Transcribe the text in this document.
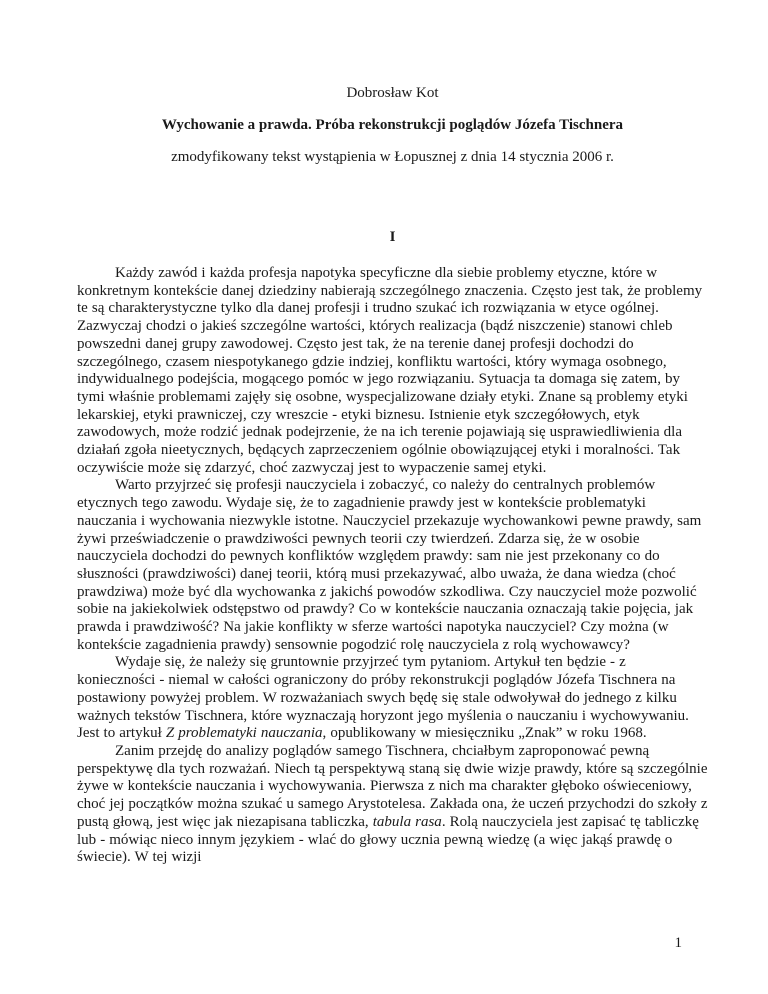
Dobrosław Kot
Wychowanie a prawda. Próba rekonstrukcji poglądów Józefa Tischnera
zmodyfikowany tekst wystąpienia w Łopusznej z dnia 14 stycznia 2006 r.
I

Każdy zawód i każda profesja napotyka specyficzne dla siebie problemy etyczne, które w konkretnym kontekście danej dziedziny nabierają szczególnego znaczenia. Często jest tak, że problemy te są charakterystyczne tylko dla danej profesji i trudno szukać ich rozwiązania w etyce ogólnej. Zazwyczaj chodzi o jakieś szczególne wartości, których realizacja (bądź niszczenie) stanowi chleb powszedni danej grupy zawodowej. Często jest tak, że na terenie danej profesji dochodzi do szczególnego, czasem niespotykanego gdzie indziej, konfliktu wartości, który wymaga osobnego, indywidualnego podejścia, mogącego pomóc w jego rozwiązaniu. Sytuacja ta domaga się zatem, by tymi właśnie problemami zajęły się osobne, wyspecjalizowane działy etyki. Znane są problemy etyki lekarskiej, etyki prawniczej, czy wreszcie - etyki biznesu. Istnienie etyk szczegółowych, etyk zawodowych, może rodzić jednak podejrzenie, że na ich terenie pojawiają się usprawiedliwienia dla działań zgoła nieetycznych, będących zaprzeczeniem ogólnie obowiązującej etyki i moralności. Tak oczywiście może się zdarzyć, choć zazwyczaj jest to wypaczenie samej etyki.

Warto przyjrzeć się profesji nauczyciela i zobaczyć, co należy do centralnych problemów etycznych tego zawodu. Wydaje się, że to zagadnienie prawdy jest w kontekście problematyki nauczania i wychowania niezwykle istotne. Nauczyciel przekazuje wychowankowi pewne prawdy, sam żywi przeświadczenie o prawdziwości pewnych teorii czy twierdzeń. Zdarza się, że w osobie nauczyciela dochodzi do pewnych konfliktów względem prawdy: sam nie jest przekonany co do słuszności (prawdziwości) danej teorii, którą musi przekazywać, albo uważa, że dana wiedza (choć prawdziwa) może być dla wychowanka z jakichś powodów szkodliwa. Czy nauczyciel może pozwolić sobie na jakiekolwiek odstępstwo od prawdy? Co w kontekście nauczania oznaczają takie pojęcia, jak prawda i prawdziwość? Na jakie konflikty w sferze wartości napotyka nauczyciel? Czy można (w kontekście zagadnienia prawdy) sensownie pogodzić rolę nauczyciela z rolą wychowawcy?

Wydaje się, że należy się gruntownie przyjrzeć tym pytaniom. Artykuł ten będzie - z konieczności - niemal w całości ograniczony do próby rekonstrukcji poglądów Józefa Tischnera na postawiony powyżej problem. W rozważaniach swych będę się stale odwoływał do jednego z kilku ważnych tekstów Tischnera, które wyznaczają horyzont jego myślenia o nauczaniu i wychowywaniu. Jest to artykuł Z problematyki nauczania, opublikowany w miesięczniku „Znak” w roku 1968.

Zanim przejdę do analizy poglądów samego Tischnera, chciałbym zaproponować pewną perspektywę dla tych rozważań. Niech tą perspektywą staną się dwie wizje prawdy, które są szczególnie żywe w kontekście nauczania i wychowywania. Pierwsza z nich ma charakter głęboko oświeceniowy, choć jej początków można szukać u samego Arystotelesa. Zakłada ona, że uczeń przychodzi do szkoły z pustą głową, jest więc jak niezapisana tabliczka, tabula rasa. Rolą nauczyciela jest zapisać tę tabliczkę lub - mówiąc nieco innym językiem - wlać do głowy ucznia pewną wiedzę (a więc jakąś prawdę o świecie). W tej wizji

1
